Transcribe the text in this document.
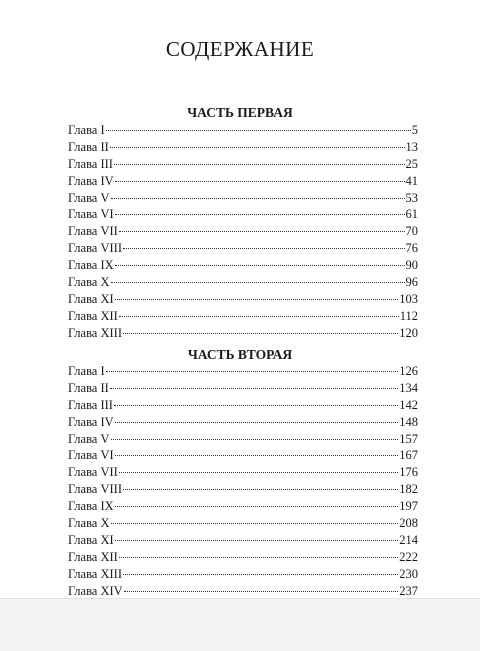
СОДЕРЖАНИЕ
ЧАСТЬ ПЕРВАЯ
Глава I	5
Глава II	13
Глава III	25
Глава IV	41
Глава V	53
Глава VI	61
Глава VII	70
Глава VIII	76
Глава IX	90
Глава X	96
Глава XI	103
Глава XII	112
Глава XIII	120
ЧАСТЬ ВТОРАЯ
Глава I	126
Глава II	134
Глава III	142
Глава IV	148
Глава V	157
Глава VI	167
Глава VII	176
Глава VIII	182
Глава IX	197
Глава X	208
Глава XI	214
Глава XII	222
Глава XIII	230
Глава XIV	237
